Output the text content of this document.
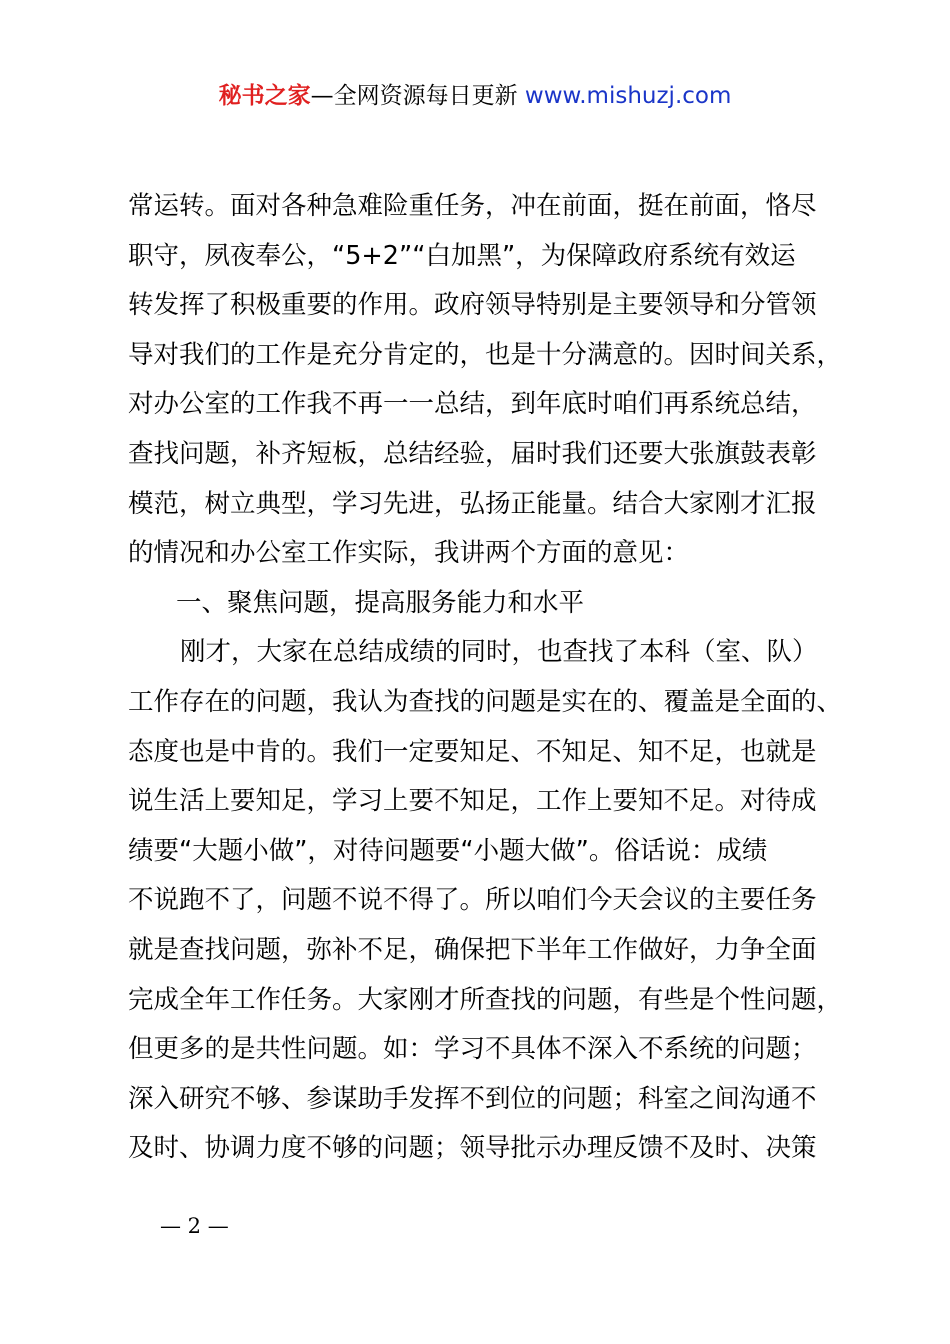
秘书之家—全网资源每日更新 www.mishuzj.com
常运转。面对各种急难险重任务，冲在前面，挺在前面，恪尽
职守，夙夜奉公，“5+2”“白加黑”，为保障政府系统有效运
转发挥了积极重要的作用。政府领导特别是主要领导和分管领
导对我们的工作是充分肯定的，也是十分满意的。因时间关系，
对办公室的工作我不再一一总结，到年底时咱们再系统总结，
查找问题，补齐短板，总结经验，届时我们还要大张旗鼓表彰
模范，树立典型，学习先进，弘扬正能量。结合大家刚才汇报
的情况和办公室工作实际，我讲两个方面的意见：
一、聚焦问题，提高服务能力和水平
刚才，大家在总结成绩的同时，也查找了本科（室、队）
工作存在的问题，我认为查找的问题是实在的、覆盖是全面的、
态度也是中肯的。我们一定要知足、不知足、知不足，也就是
说生活上要知足，学习上要不知足，工作上要知不足。对待成
绩要“大题小做”，对待问题要“小题大做”。俗话说：成绩
不说跑不了，问题不说不得了。所以咱们今天会议的主要任务
就是查找问题，弥补不足，确保把下半年工作做好，力争全面
完成全年工作任务。大家刚才所查找的问题，有些是个性问题，
但更多的是共性问题。如：学习不具体不深入不系统的问题；
深入研究不够、参谋助手发挥不到位的问题；科室之间沟通不
及时、协调力度不够的问题；领导批示办理反馈不及时、决策
— 2 —
